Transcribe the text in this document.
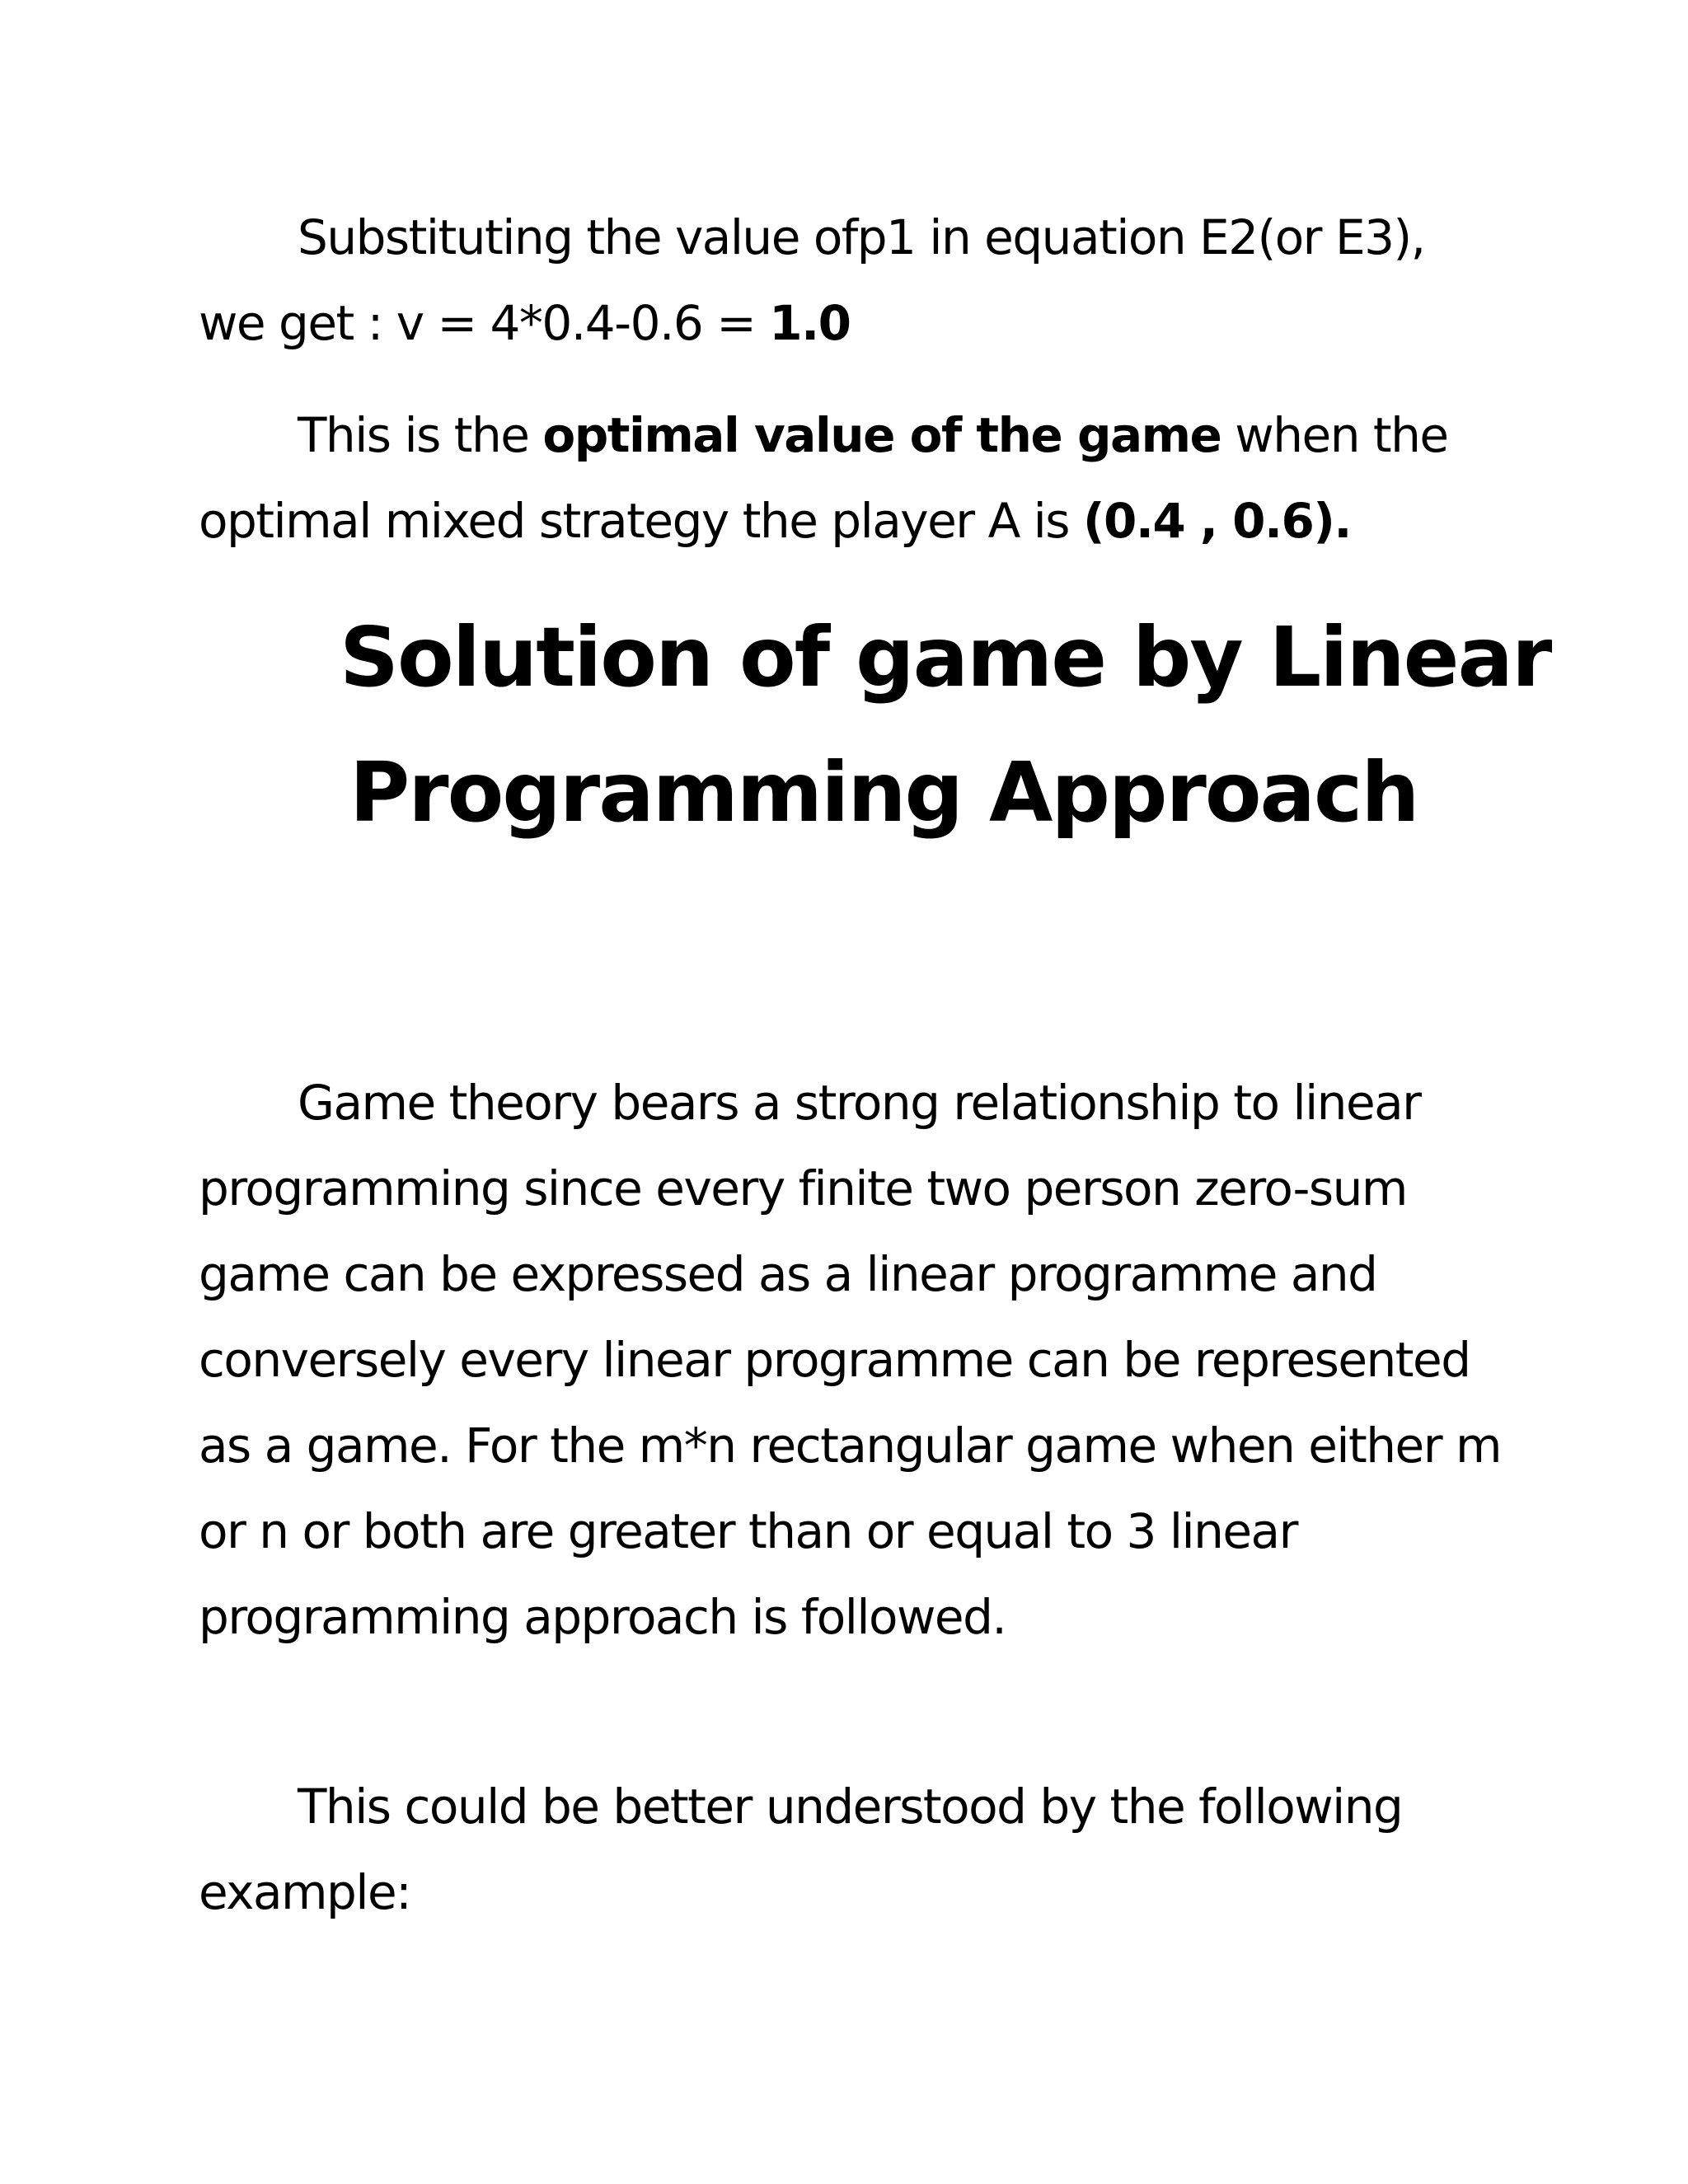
Substituting the value ofp1 in equation E2(or E3), we get : v = 4*0.4-0.6 = 1.0

This is the optimal value of the game when the optimal mixed strategy the player A is (0.4 , 0.6).

Solution of game by Linear
Programming Approach

Game theory bears a strong relationship to linear programming since every finite two person zero-sum game can be expressed as a linear programme and conversely every linear programme can be represented as a game. For the m*n rectangular game when either m or n or both are greater than or equal to 3 linear programming approach is followed.

This could be better understood by the following example:
